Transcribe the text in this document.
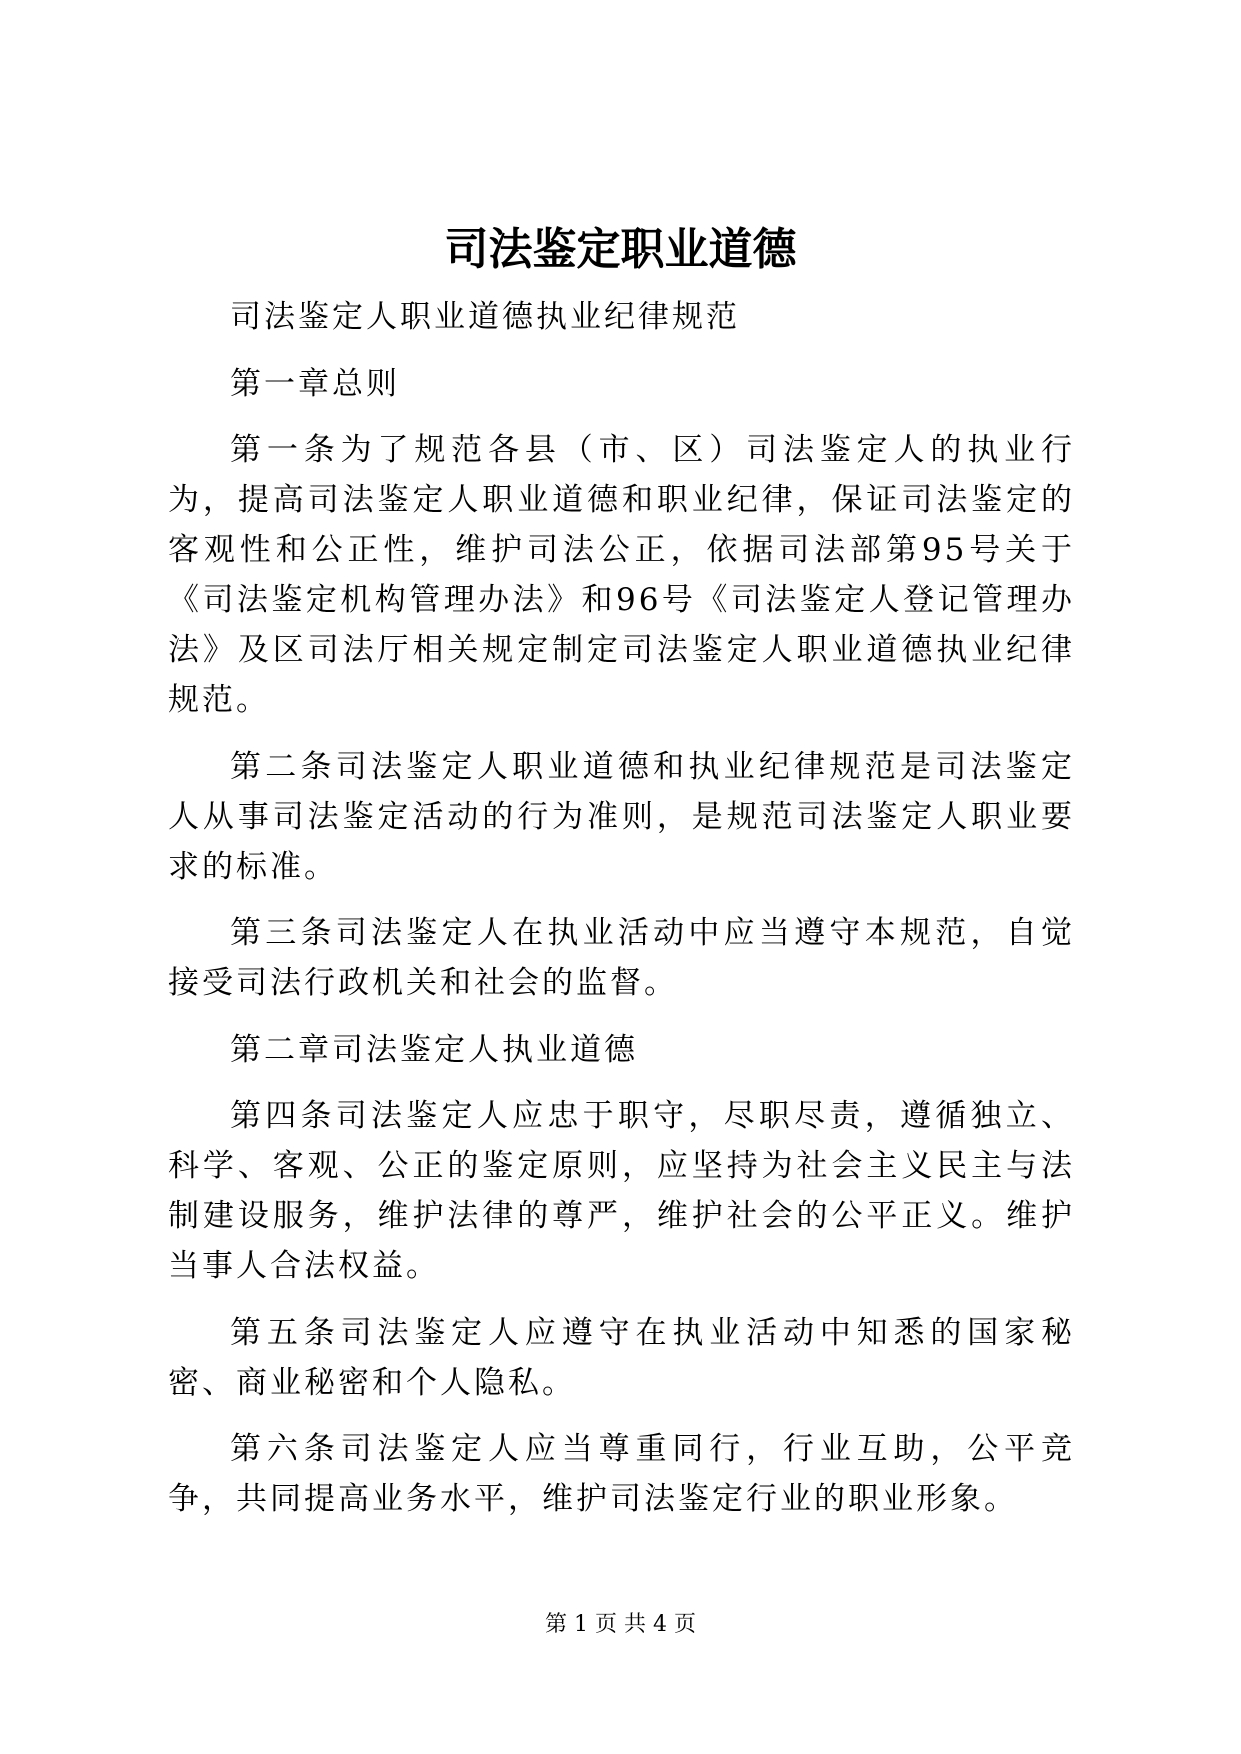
司法鉴定职业道德

司法鉴定人职业道德执业纪律规范

第一章总则

第一条为了规范各县（市、区）司法鉴定人的执业行为，提高司法鉴定人职业道德和职业纪律，保证司法鉴定的客观性和公正性，维护司法公正，依据司法部第95号关于《司法鉴定机构管理办法》和96号《司法鉴定人登记管理办法》及区司法厅相关规定制定司法鉴定人职业道德执业纪律规范。

第二条司法鉴定人职业道德和执业纪律规范是司法鉴定人从事司法鉴定活动的行为准则，是规范司法鉴定人职业要求的标准。

第三条司法鉴定人在执业活动中应当遵守本规范，自觉接受司法行政机关和社会的监督。

第二章司法鉴定人执业道德

第四条司法鉴定人应忠于职守，尽职尽责，遵循独立、科学、客观、公正的鉴定原则，应坚持为社会主义民主与法制建设服务，维护法律的尊严，维护社会的公平正义。维护当事人合法权益。

第五条司法鉴定人应遵守在执业活动中知悉的国家秘密、商业秘密和个人隐私。

第六条司法鉴定人应当尊重同行，行业互助，公平竞争，共同提高业务水平，维护司法鉴定行业的职业形象。

第 1 页 共 4 页
